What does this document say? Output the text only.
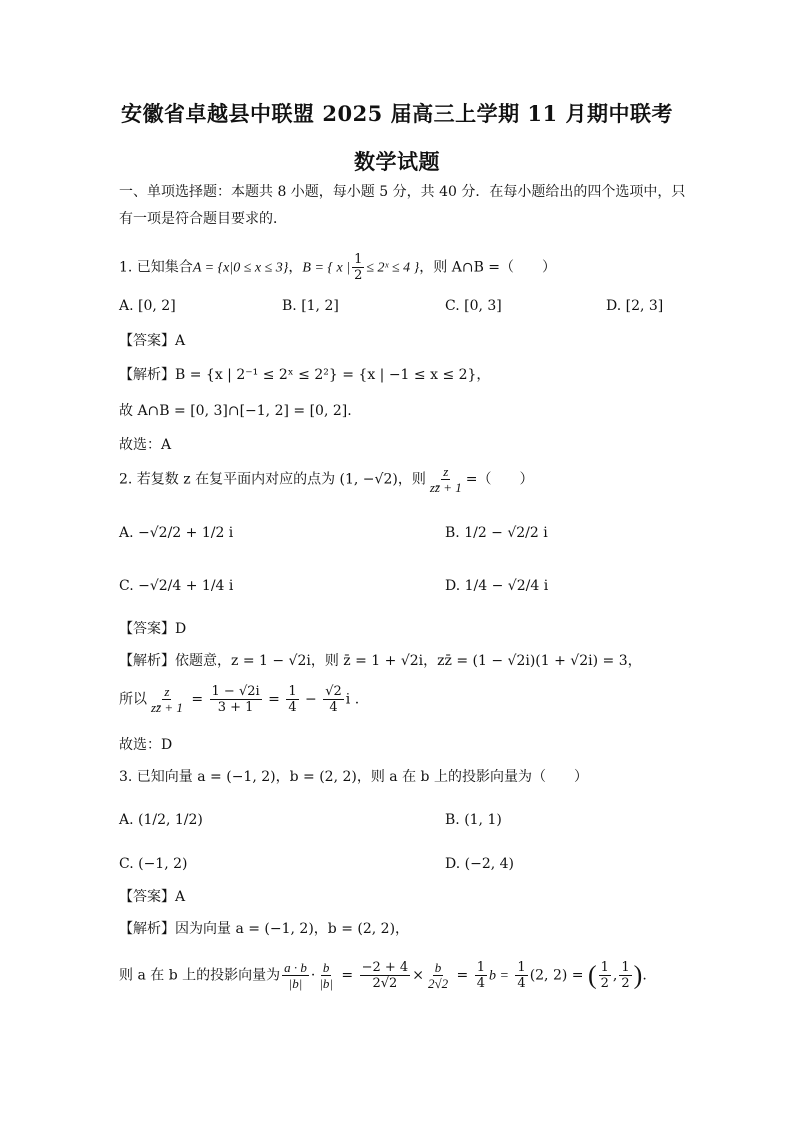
安徽省卓越县中联盟 2025 届高三上学期 11 月期中联考
数学试题
一、单项选择题：本题共 8 小题，每小题 5 分，共 40 分．在每小题给出的四个选项中，只
有一项是符合题目要求的．
1. 已知集合A = {x|0 ≤ x ≤ 3}，B = { x | $\frac{1}{2}$ ≤ 2ˣ ≤ 4 }，则 A∩B =（　　）
A. [0, 2]	B. [1, 2]	C. [0, 3]	D. [2, 3]
【答案】A
【解析】B = {x | 2⁻¹ ≤ 2ˣ ≤ 2²} = {x | −1 ≤ x ≤ 2}，
故 A∩B = [0, 3]∩[−1, 2] = [0, 2].
故选：A
2. 若复数 z 在复平面内对应的点为 (1, −√2)，则 $\frac{z}{zz̄ + 1}$ =（　　）
A. −√2/2 + 1/2 i	B. 1/2 − √2/2 i
C. −√2/4 + 1/4 i	D. 1/4 − √2/4 i
【答案】D
【解析】依题意，z = 1 − √2i，则 z̄ = 1 + √2i，zz̄ = (1 − √2i)(1 + √2i) = 3，
所以 $\frac{z}{zz̄ + 1} = \frac{1 - √2i}{3 + 1} = \frac{1}{4} - \frac{√2}{4}$ i .
故选：D
3. 已知向量 a = (−1, 2)，b = (2, 2)，则 a 在 b 上的投影向量为（　　）
A. (1/2, 1/2)	B. (1, 1)
C. (−1, 2)	D. (−2, 4)
【答案】A
【解析】因为向量 a = (−1, 2)，b = (2, 2)，
则 a 在 b 上的投影向量为 $\frac{a \cdot b}{|b|} \cdot \frac{b}{|b|} = \frac{-2 + 4}{2√2} \times \frac{b}{2√2} = \frac{1}{4}$ $b = \frac{1}{4} (2$, 2) = ( $\frac{1}{2}$ , $\frac{1}{2}$ ).
